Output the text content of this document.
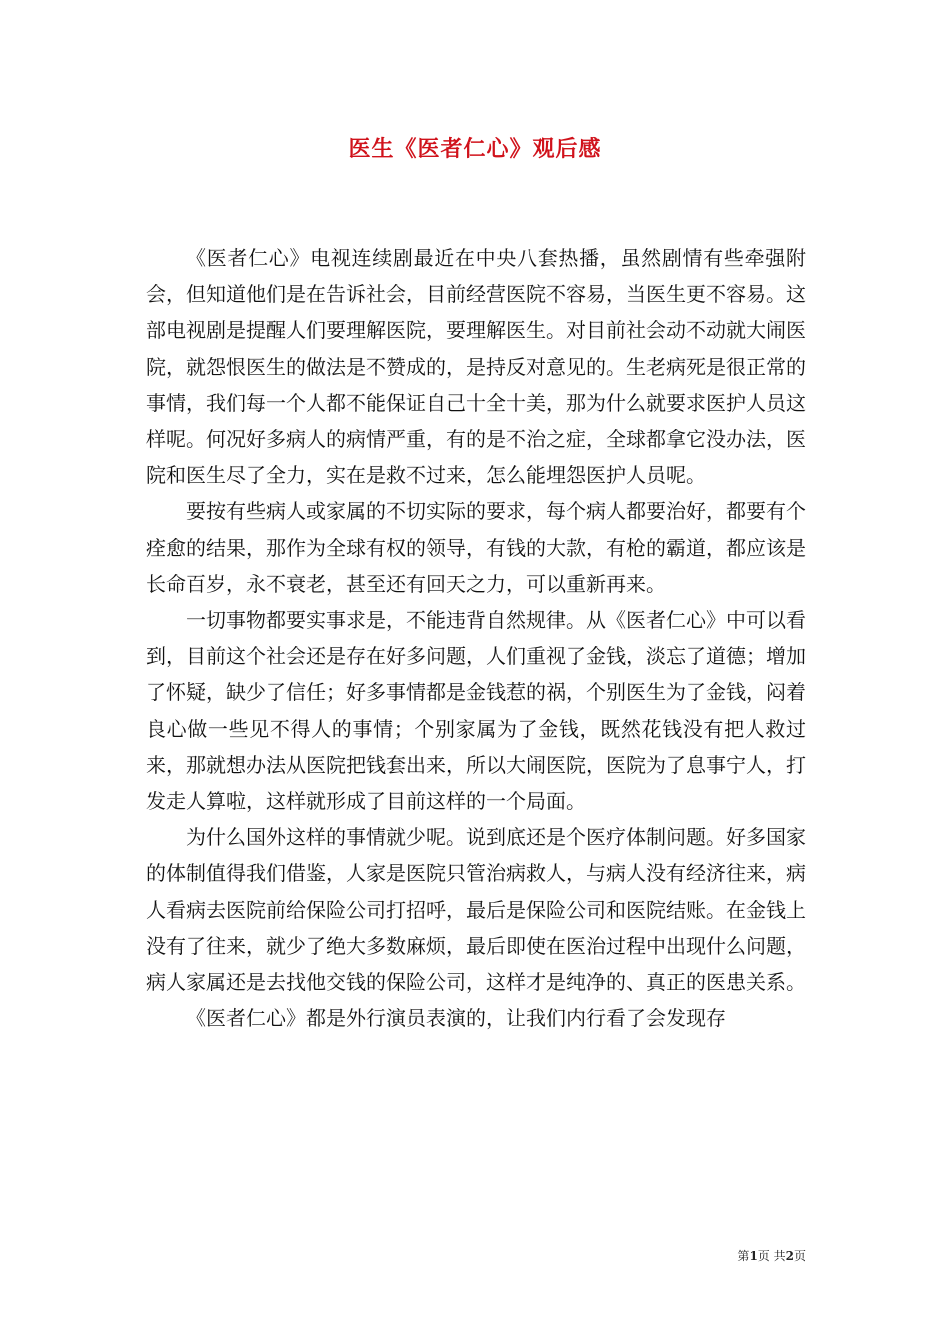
医生《医者仁心》观后感

《医者仁心》电视连续剧最近在中央八套热播，虽然剧情有些牵强附会，但知道他们是在告诉社会，目前经营医院不容易，当医生更不容易。这部电视剧是提醒人们要理解医院，要理解医生。对目前社会动不动就大闹医院，就怨恨医生的做法是不赞成的，是持反对意见的。生老病死是很正常的事情，我们每一个人都不能保证自己十全十美，那为什么就要求医护人员这样呢。何况好多病人的病情严重，有的是不治之症，全球都拿它没办法，医院和医生尽了全力，实在是救不过来，怎么能埋怨医护人员呢。

要按有些病人或家属的不切实际的要求，每个病人都要治好，都要有个痊愈的结果，那作为全球有权的领导，有钱的大款，有枪的霸道，都应该是长命百岁，永不衰老，甚至还有回天之力，可以重新再来。

一切事物都要实事求是，不能违背自然规律。从《医者仁心》中可以看到，目前这个社会还是存在好多问题，人们重视了金钱，淡忘了道德；增加了怀疑，缺少了信任；好多事情都是金钱惹的祸，个别医生为了金钱，闷着良心做一些见不得人的事情；个别家属为了金钱，既然花钱没有把人救过来，那就想办法从医院把钱套出来，所以大闹医院，医院为了息事宁人，打发走人算啦，这样就形成了目前这样的一个局面。

为什么国外这样的事情就少呢。说到底还是个医疗体制问题。好多国家的体制值得我们借鉴，人家是医院只管治病救人，与病人没有经济往来，病人看病去医院前给保险公司打招呼，最后是保险公司和医院结账。在金钱上没有了往来，就少了绝大多数麻烦，最后即使在医治过程中出现什么问题，病人家属还是去找他交钱的保险公司，这样才是纯净的、真正的医患关系。

《医者仁心》都是外行演员表演的，让我们内行看了会发现存

第1页 共2页
